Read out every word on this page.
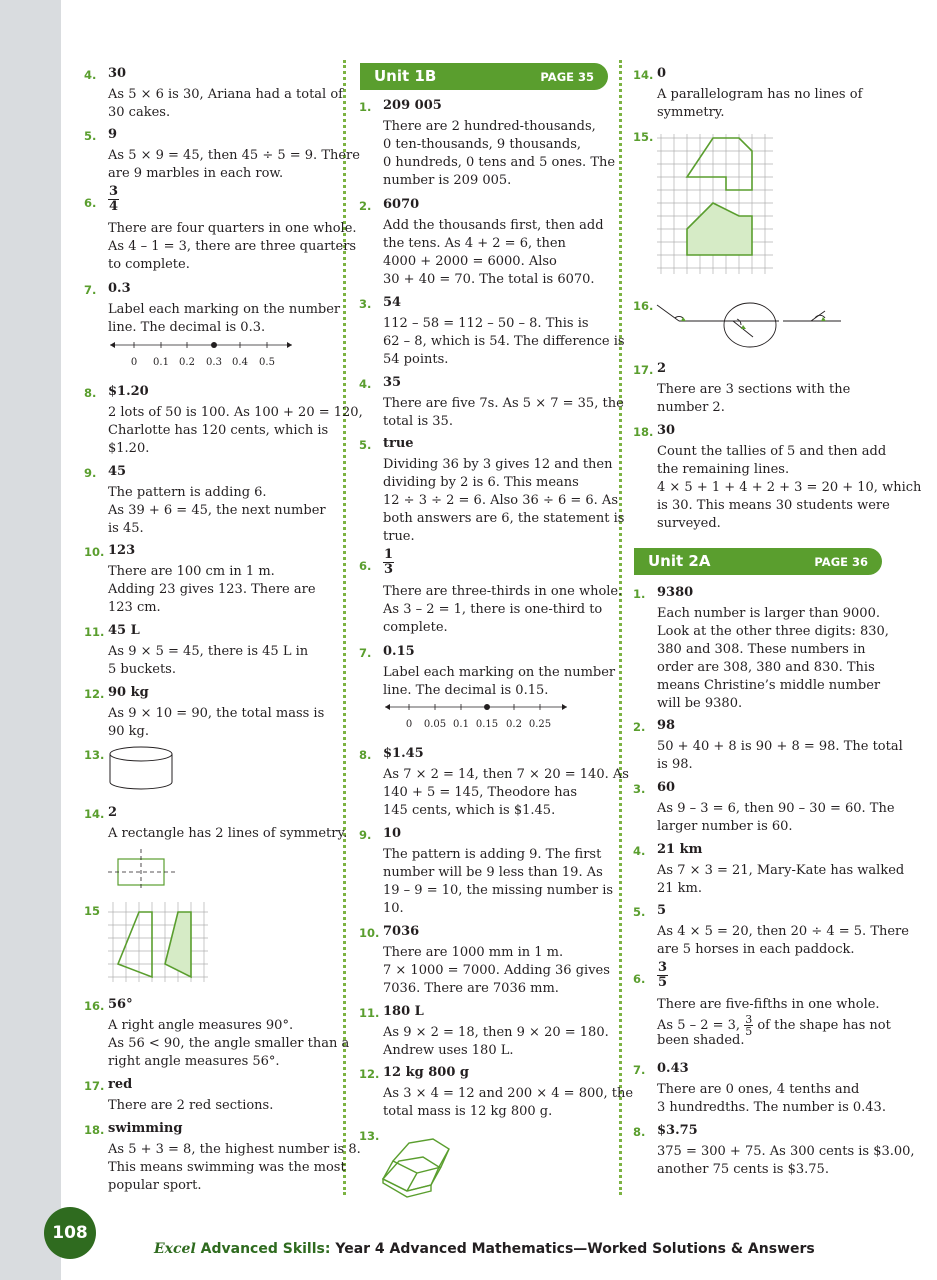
4. 30
As 5 × 6 is 30, Ariana had a total of
30 cakes.
5. 9
As 5 × 9 = 45, then 45 ÷ 5 = 9. There
are 9 marbles in each row.
6. $\frac{3}{4}$
There are four quarters in one whole.
As 4 – 1 = 3, there are three quarters
to complete.
7. 0.3
Label each marking on the number
line. The decimal is 0.3.
0 0.1 0.2 0.3 0.4 0.5
8. $1.20
2 lots of 50 is 100. As 100 + 20 = 120,
Charlotte has 120 cents, which is
$1.20.
9. 45
The pattern is adding 6.
As 39 + 6 = 45, the next number
is 45.
10. 123
There are 100 cm in 1 m.
Adding 23 gives 123. There are
123 cm.
11. 45 L
As 9 × 5 = 45, there is 45 L in
5 buckets.
12. 90 kg
As 9 × 10 = 90, the total mass is
90 kg.
13.
14. 2
A rectangle has 2 lines of symmetry.
15
16. 56°
A right angle measures 90°.
As 56 < 90, the angle smaller than a
right angle measures 56°.
17. red
There are 2 red sections.
18. swimming
As 5 + 3 = 8, the highest number is 8.
This means swimming was the most
popular sport.
Unit 1B	PAGE 35
1. 209 005
There are 2 hundred-thousands,
0 ten-thousands, 9 thousands,
0 hundreds, 0 tens and 5 ones. The
number is 209 005.
2. 6070
Add the thousands first, then add
the tens. As 4 + 2 = 6, then
4000 + 2000 = 6000. Also
30 + 40 = 70. The total is 6070.
3. 54
112 – 58 = 112 – 50 – 8. This is
62 – 8, which is 54. The difference is
54 points.
4. 35
There are five 7s. As 5 × 7 = 35, the
total is 35.
5. true
Dividing 36 by 3 gives 12 and then
dividing by 2 is 6. This means
12 ÷ 3 ÷ 2 = 6. Also 36 ÷ 6 = 6. As
both answers are 6, the statement is
true.
6. $\frac{1}{3}$
There are three-thirds in one whole.
As 3 – 2 = 1, there is one-third to
complete.
7. 0.15
Label each marking on the number
line. The decimal is 0.15.
0 0.05 0.1 0.15 0.2 0.25
8. $1.45
As 7 × 2 = 14, then 7 × 20 = 140. As
140 + 5 = 145, Theodore has
145 cents, which is $1.45.
9. 10
The pattern is adding 9. The first
number will be 9 less than 19. As
19 – 9 = 10, the missing number is
10.
10. 7036
There are 1000 mm in 1 m.
7 × 1000 = 7000. Adding 36 gives
7036. There are 7036 mm.
11. 180 L
As 9 × 2 = 18, then 9 × 20 = 180.
Andrew uses 180 L.
12. 12 kg 800 g
As 3 × 4 = 12 and 200 × 4 = 800, the
total mass is 12 kg 800 g.
13.
14. 0
A parallelogram has no lines of
symmetry.
15.
16.
17. 2
There are 3 sections with the
number 2.
18. 30
Count the tallies of 5 and then add
the remaining lines.
4 × 5 + 1 + 4 + 2 + 3 = 20 + 10, which
is 30. This means 30 students were
surveyed.
Unit 2A	PAGE 36
1. 9380
Each number is larger than 9000.
Look at the other three digits: 830,
380 and 308. These numbers in
order are 308, 380 and 830. This
means Christine’s middle number
will be 9380.
2. 98
50 + 40 + 8 is 90 + 8 = 98. The total
is 98.
3. 60
As 9 – 3 = 6, then 90 – 30 = 60. The
larger number is 60.
4. 21 km
As 7 × 3 = 21, Mary-Kate has walked
21 km.
5. 5
As 4 × 5 = 20, then 20 ÷ 4 = 5. There
are 5 horses in each paddock.
6. $\frac{3}{5}$
There are five-fifths in one whole.
As 5 – 2 = 3, $\frac{3}{5}$ of the shape has not
been shaded.
7. 0.43
There are 0 ones, 4 tenths and
3 hundredths. The number is 0.43.
8. $3.75
375 = 300 + 75. As 300 cents is $3.00,
another 75 cents is $3.75.
108
Excel Advanced Skills: Year 4 Advanced Mathematics—Worked Solutions & Answers
